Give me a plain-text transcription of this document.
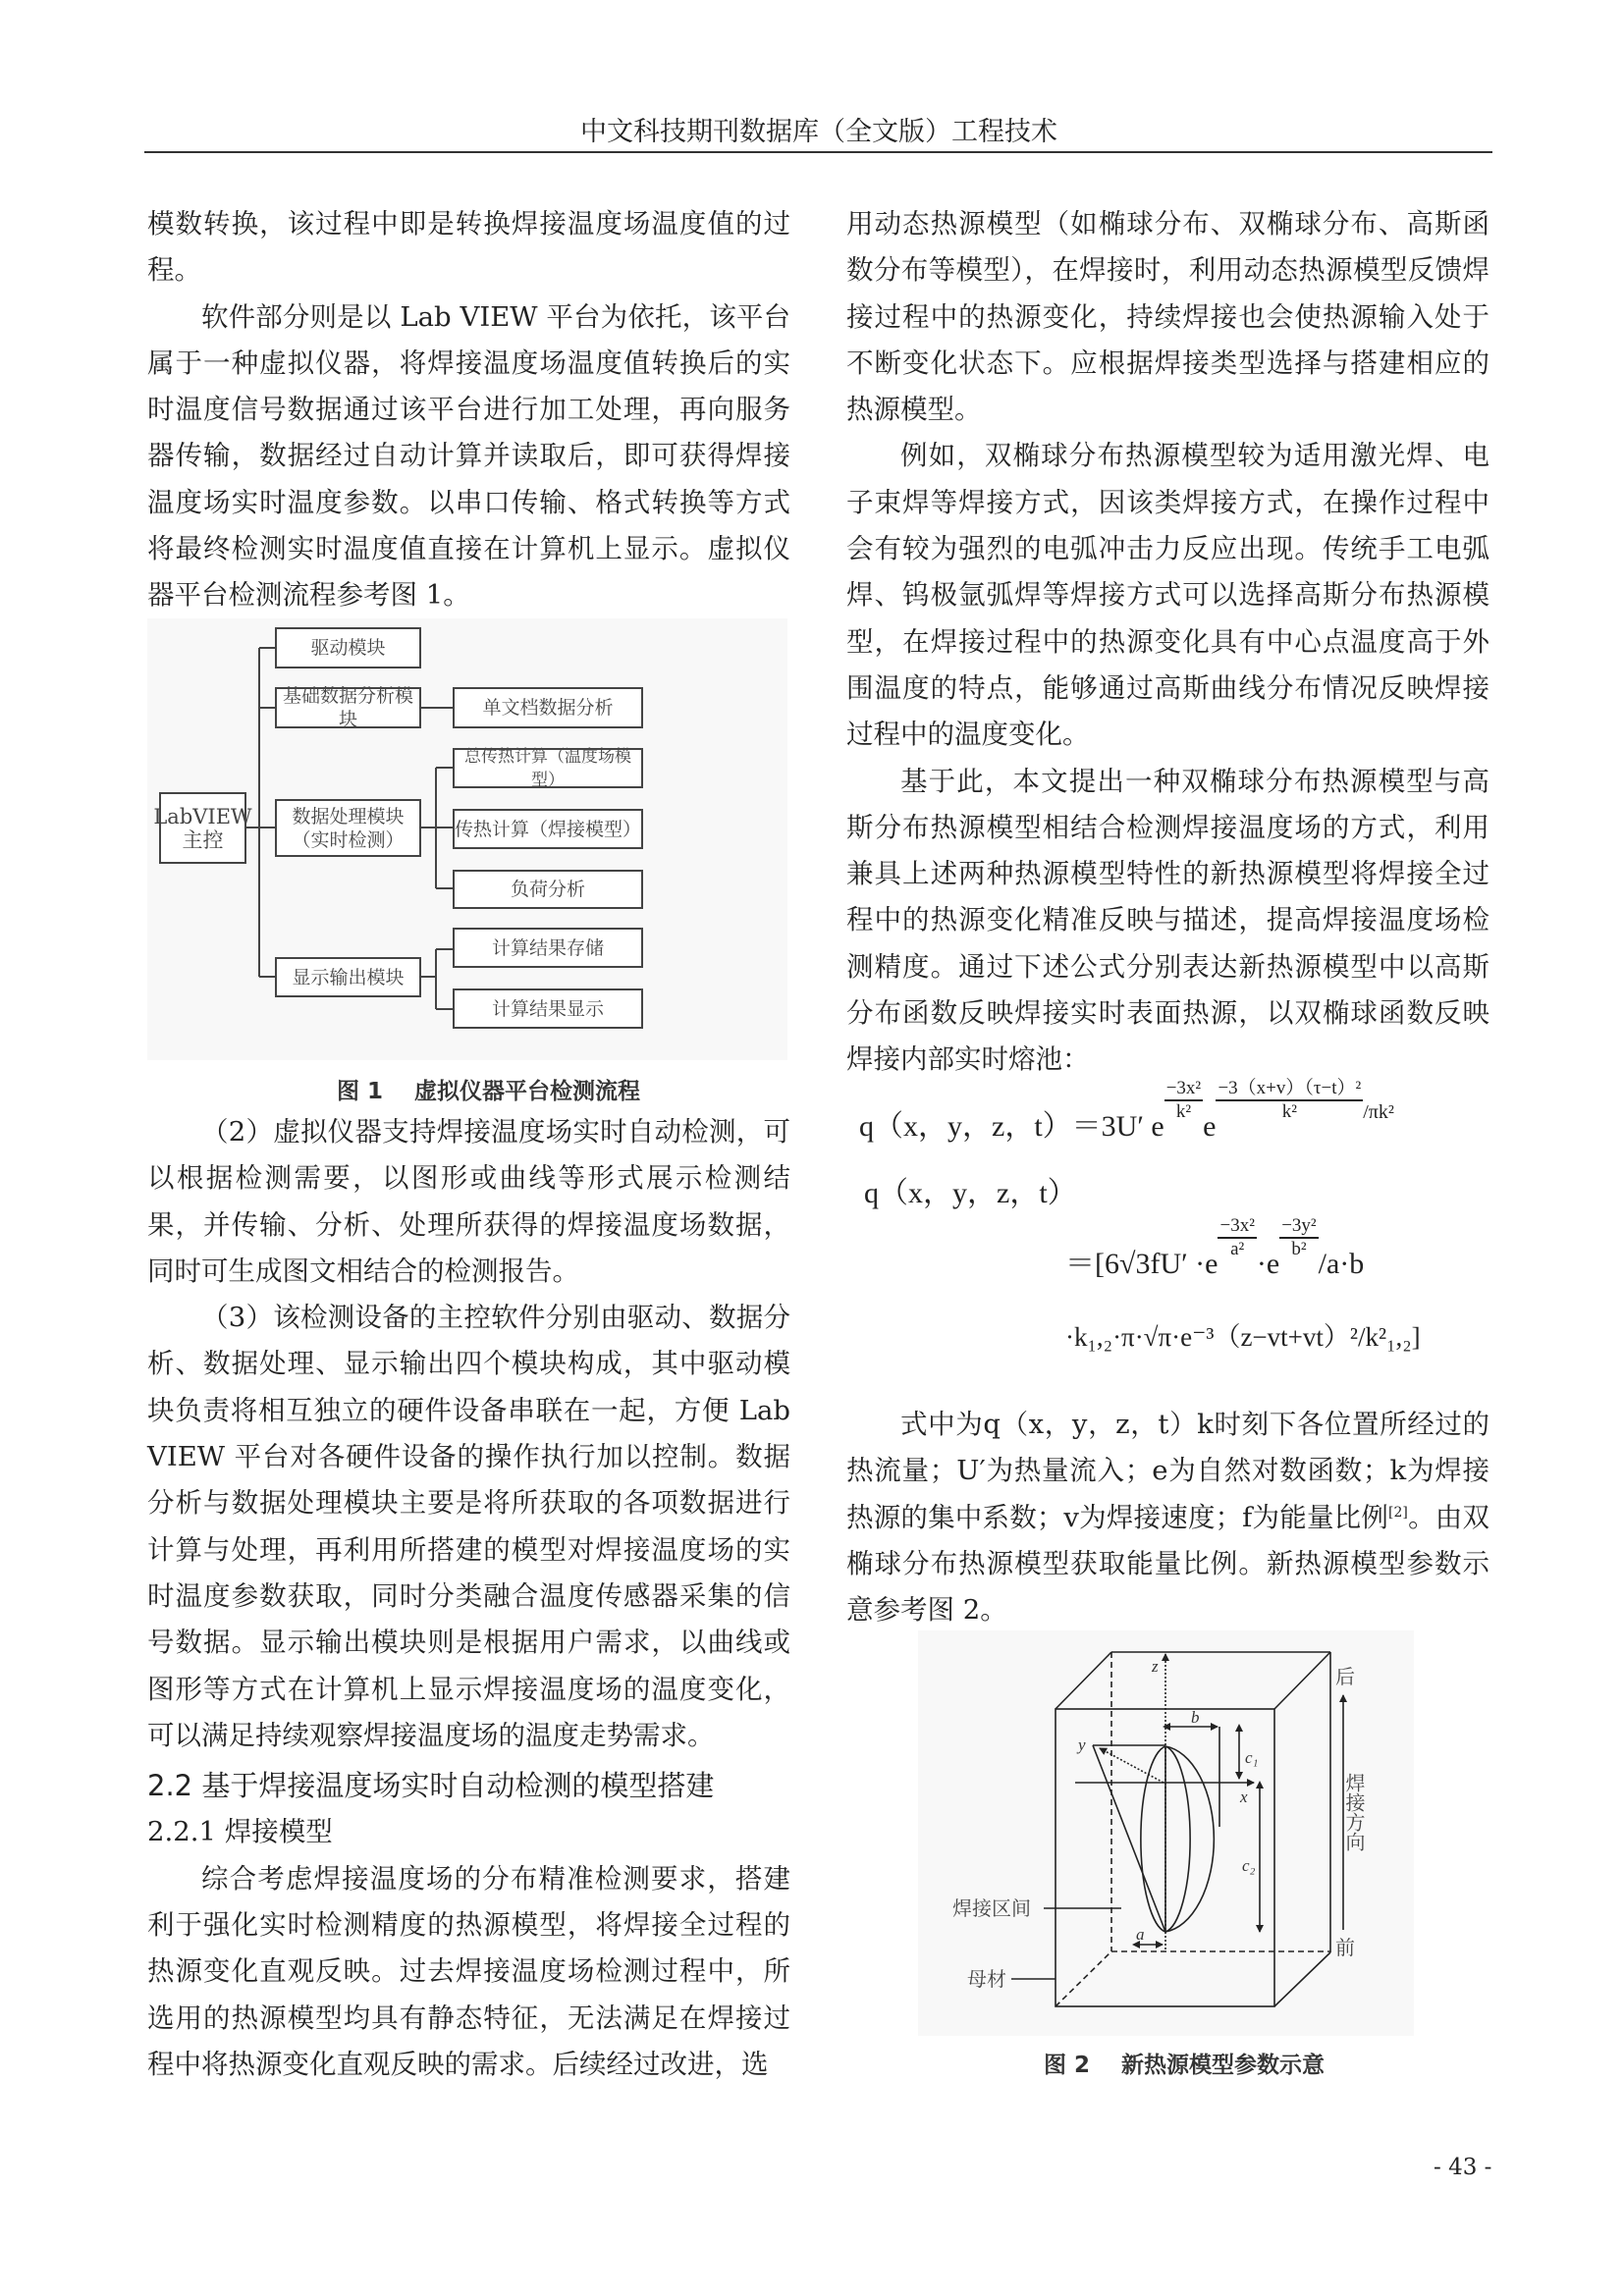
中文科技期刊数据库（全文版）工程技术

模数转换，该过程中即是转换焊接温度场温度值的过程。

软件部分则是以 Lab VIEW 平台为依托，该平台属于一种虚拟仪器，将焊接温度场温度值转换后的实时温度信号数据通过该平台进行加工处理，再向服务器传输，数据经过自动计算并读取后，即可获得焊接温度场实时温度参数。以串口传输、格式转换等方式将最终检测实时温度值直接在计算机上显示。虚拟仪器平台检测流程参考图 1。

LabVIEW
主控
驱动模块
基础数据分析模块
数据处理模块
（实时检测）
显示输出模块
单文档数据分析
总传热计算（温度场模型）
传热计算（焊接模型）
负荷分析
计算结果存储
计算结果显示
图 1    虚拟仪器平台检测流程

（2）虚拟仪器支持焊接温度场实时自动检测，可以根据检测需要，以图形或曲线等形式展示检测结果，并传输、分析、处理所获得的焊接温度场数据，同时可生成图文相结合的检测报告。

（3）该检测设备的主控软件分别由驱动、数据分析、数据处理、显示输出四个模块构成，其中驱动模块负责将相互独立的硬件设备串联在一起，方便 Lab VIEW 平台对各硬件设备的操作执行加以控制。数据分析与数据处理模块主要是将所获取的各项数据进行计算与处理，再利用所搭建的模型对焊接温度场的实时温度参数获取，同时分类融合温度传感器采集的信号数据。显示输出模块则是根据用户需求，以曲线或图形等方式在计算机上显示焊接温度场的温度变化，可以满足持续观察焊接温度场的温度走势需求。

2.2 基于焊接温度场实时自动检测的模型搭建

2.2.1 焊接模型

综合考虑焊接温度场的分布精准检测要求，搭建利于强化实时检测精度的热源模型，将焊接全过程的热源变化直观反映。过去焊接温度场检测过程中，所选用的热源模型均具有静态特征，无法满足在焊接过程中将热源变化直观反映的需求。后续经过改进，选

用动态热源模型（如椭球分布、双椭球分布、高斯函数分布等模型），在焊接时，利用动态热源模型反馈焊接过程中的热源变化，持续焊接也会使热源输入处于不断变化状态下。应根据焊接类型选择与搭建相应的热源模型。

例如，双椭球分布热源模型较为适用激光焊、电子束焊等焊接方式，因该类焊接方式，在操作过程中会有较为强烈的电弧冲击力反应出现。传统手工电弧焊、钨极氩弧焊等焊接方式可以选择高斯分布热源模型，在焊接过程中的热源变化具有中心点温度高于外围温度的特点，能够通过高斯曲线分布情况反映焊接过程中的温度变化。

基于此，本文提出一种双椭球分布热源模型与高斯分布热源模型相结合检测焊接温度场的方式，利用兼具上述两种热源模型特性的新热源模型将焊接全过程中的热源变化精准反映与描述，提高焊接温度场检测精度。通过下述公式分别表达新热源模型中以高斯分布函数反映焊接实时表面热源，以双椭球函数反映焊接内部实时熔池：

q（x，y，z，t）＝3U′ e
$\frac{\text{−3x²}}{\text{k²}}e$
$\frac{\text{−3（x+v）（τ−t）²}}{\text{k²}}^{/\pi k^2}$
q（x，y，z，t）
＝[6√3fU′ ·e
$\frac{\text{−3x²}}{\text{a²}}\cdot e$
$\frac{\text{−3y²}}{\text{b²}}/a\cdot b$
·k₁,₂·π·√π·e⁻³（z−vt+vt）²/k²₁,₂]

式中为q（x，y，z，t）k时刻下各位置所经过的热流量；U′为热量流入；e为自然对数函数；k为焊接热源的集中系数；v为焊接速度；f为能量比例[2]。由双椭球分布热源模型获取能量比例。新热源模型参数示意参考图 2。

z
x
y
b
c₁
c₂
a
焊接区间
母材
后
前
焊接方向
图 2    新热源模型参数示意
- 43 -
